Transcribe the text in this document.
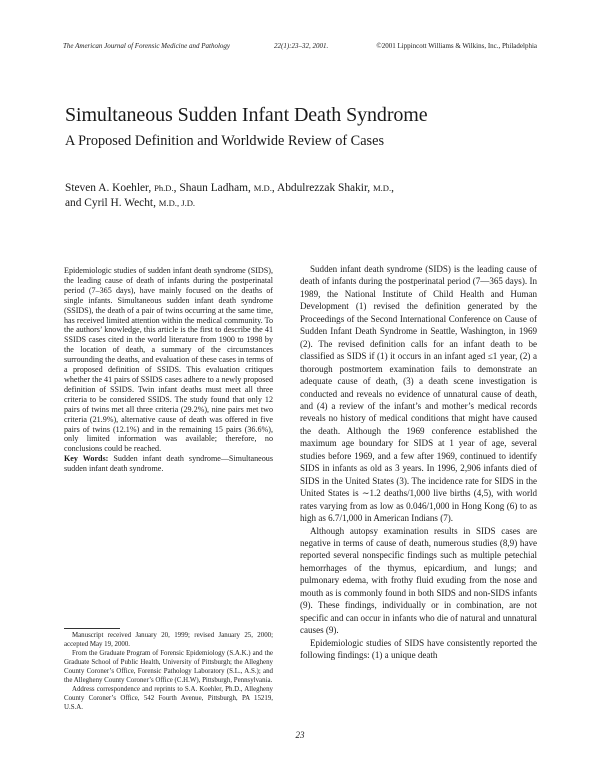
The American Journal of Forensic Medicine and Pathology	22(1):23–32, 2001.	©2001 Lippincott Williams & Wilkins, Inc., Philadelphia
Simultaneous Sudden Infant Death Syndrome
A Proposed Definition and Worldwide Review of Cases
Steven A. Koehler, Ph.D., Shaun Ladham, M.D., Abdulrezzak Shakir, M.D.,
and Cyril H. Wecht, M.D., J.D.
Epidemiologic studies of sudden infant death syndrome (SIDS), the leading cause of death of infants during the postperinatal period (7–365 days), have mainly focused on the deaths of single infants. Simultaneous sudden infant death syndrome (SSIDS), the death of a pair of twins occurring at the same time, has received limited attention within the medical community. To the authors’ knowledge, this article is the first to describe the 41 SSIDS cases cited in the world literature from 1900 to 1998 by the location of death, a summary of the circumstances surrounding the deaths, and evaluation of these cases in terms of a proposed definition of SSIDS. This evaluation critiques whether the 41 pairs of SSIDS cases adhere to a newly proposed definition of SSIDS. Twin infant deaths must meet all three criteria to be considered SSIDS. The study found that only 12 pairs of twins met all three criteria (29.2%), nine pairs met two criteria (21.9%), alternative cause of death was offered in five pairs of twins (12.1%) and in the remaining 15 pairs (36.6%), only limited information was available; therefore, no conclusions could be reached.
Key Words: Sudden infant death syndrome—Simultaneous sudden infant death syndrome.

Manuscript received January 20, 1999; revised January 25, 2000; accepted May 19, 2000.

From the Graduate Program of Forensic Epidemiology (S.A.K.) and the Graduate School of Public Health, University of Pittsburgh; the Allegheny County Coroner’s Office, Forensic Pathology Laboratory (S.L., A.S.); and the Allegheny County Coroner’s Office (C.H.W), Pittsburgh, Pennsylvania.

Address correspondence and reprints to S.A. Koehler, Ph.D., Allegheny County Coroner’s Office, 542 Fourth Avenue, Pittsburgh, PA 15219, U.S.A.

Sudden infant death syndrome (SIDS) is the leading cause of death of infants during the postperinatal period (7—365 days). In 1989, the National Institute of Child Health and Human Development (1) revised the definition generated by the Proceedings of the Second International Conference on Cause of Sudden Infant Death Syndrome in Seattle, Washington, in 1969 (2). The revised definition calls for an infant death to be classified as SIDS if (1) it occurs in an infant aged ≤1 year, (2) a thorough postmortem examination fails to demonstrate an adequate cause of death, (3) a death scene investigation is conducted and reveals no evidence of unnatural cause of death, and (4) a review of the infant’s and mother’s medical records reveals no history of medical conditions that might have caused the death. Although the 1969 conference established the maximum age boundary for SIDS at 1 year of age, several studies before 1969, and a few after 1969, continued to identify SIDS in infants as old as 3 years. In 1996, 2,906 infants died of SIDS in the United States (3). The incidence rate for SIDS in the United States is ∼1.2 deaths/1,000 live births (4,5), with world rates varying from as low as 0.046/1,000 in Hong Kong (6) to as high as 6.7/1,000 in American Indians (7).

Although autopsy examination results in SIDS cases are negative in terms of cause of death, numerous studies (8,9) have reported several nonspecific findings such as multiple petechial hemorrhages of the thymus, epicardium, and lungs; and pulmonary edema, with frothy fluid exuding from the nose and mouth as is commonly found in both SIDS and non-SIDS infants (9). These findings, individually or in combination, are not specific and can occur in infants who die of natural and unnatural causes (9).

Epidemiologic studies of SIDS have consistently reported the following findings: (1) a unique death

23
